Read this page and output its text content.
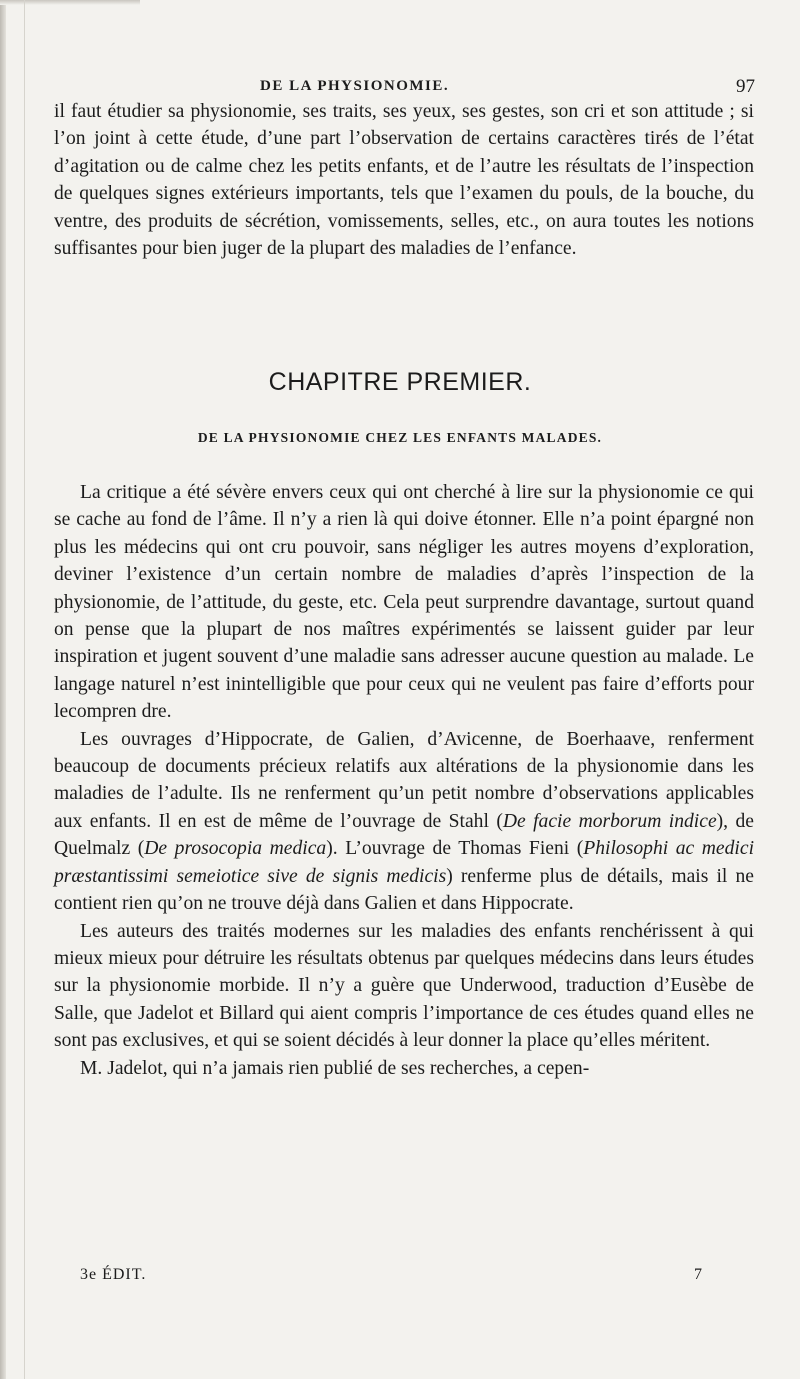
DE LA PHYSIONOMIE.	97

il faut étudier sa physionomie, ses traits, ses yeux, ses gestes, son cri et son attitude ; si l’on joint à cette étude, d’une part l’observation de certains caractères tirés de l’état d’agitation ou de calme chez les petits enfants, et de l’autre les résultats de l’inspection de quelques signes extérieurs importants, tels que l’examen du pouls, de la bouche, du ventre, des produits de sécrétion, vomissements, selles, etc., on aura toutes les notions suffisantes pour bien juger de la plupart des maladies de l’enfance.

CHAPITRE PREMIER.
DE LA PHYSIONOMIE CHEZ LES ENFANTS MALADES.

La critique a été sévère envers ceux qui ont cherché à lire sur la physionomie ce qui se cache au fond de l’âme. Il n’y a rien là qui doive étonner. Elle n’a point épargné non plus les médecins qui ont cru pouvoir, sans négliger les autres moyens d’exploration, deviner l’existence d’un certain nombre de maladies d’après l’inspection de la physionomie, de l’attitude, du geste, etc. Cela peut surprendre davantage, surtout quand on pense que la plupart de nos maîtres expérimentés se laissent guider par leur inspiration et jugent souvent d’une maladie sans adresser aucune question au malade. Le langage naturel n’est inintelligible que pour ceux qui ne veulent pas faire d’efforts pour lecompren dre.

Les ouvrages d’Hippocrate, de Galien, d’Avicenne, de Boerhaave, renferment beaucoup de documents précieux relatifs aux altérations de la physionomie dans les maladies de l’adulte. Ils ne renferment qu’un petit nombre d’observations applicables aux enfants. Il en est de même de l’ouvrage de Stahl (De facie morborum indice), de Quelmalz (De prosocopia medica). L’ouvrage de Thomas Fieni (Philosophi ac medici præstantissimi semeiotice sive de signis medicis) renferme plus de détails, mais il ne contient rien qu’on ne trouve déjà dans Galien et dans Hippocrate.

Les auteurs des traités modernes sur les maladies des enfants renchérissent à qui mieux mieux pour détruire les résultats obtenus par quelques médecins dans leurs études sur la physionomie morbide. Il n’y a guère que Underwood, traduction d’Eusèbe de Salle, que Jadelot et Billard qui aient compris l’importance de ces études quand elles ne sont pas exclusives, et qui se soient décidés à leur donner la place qu’elles méritent.

M. Jadelot, qui n’a jamais rien publié de ses recherches, a cepen-

3e ÉDIT.	7
